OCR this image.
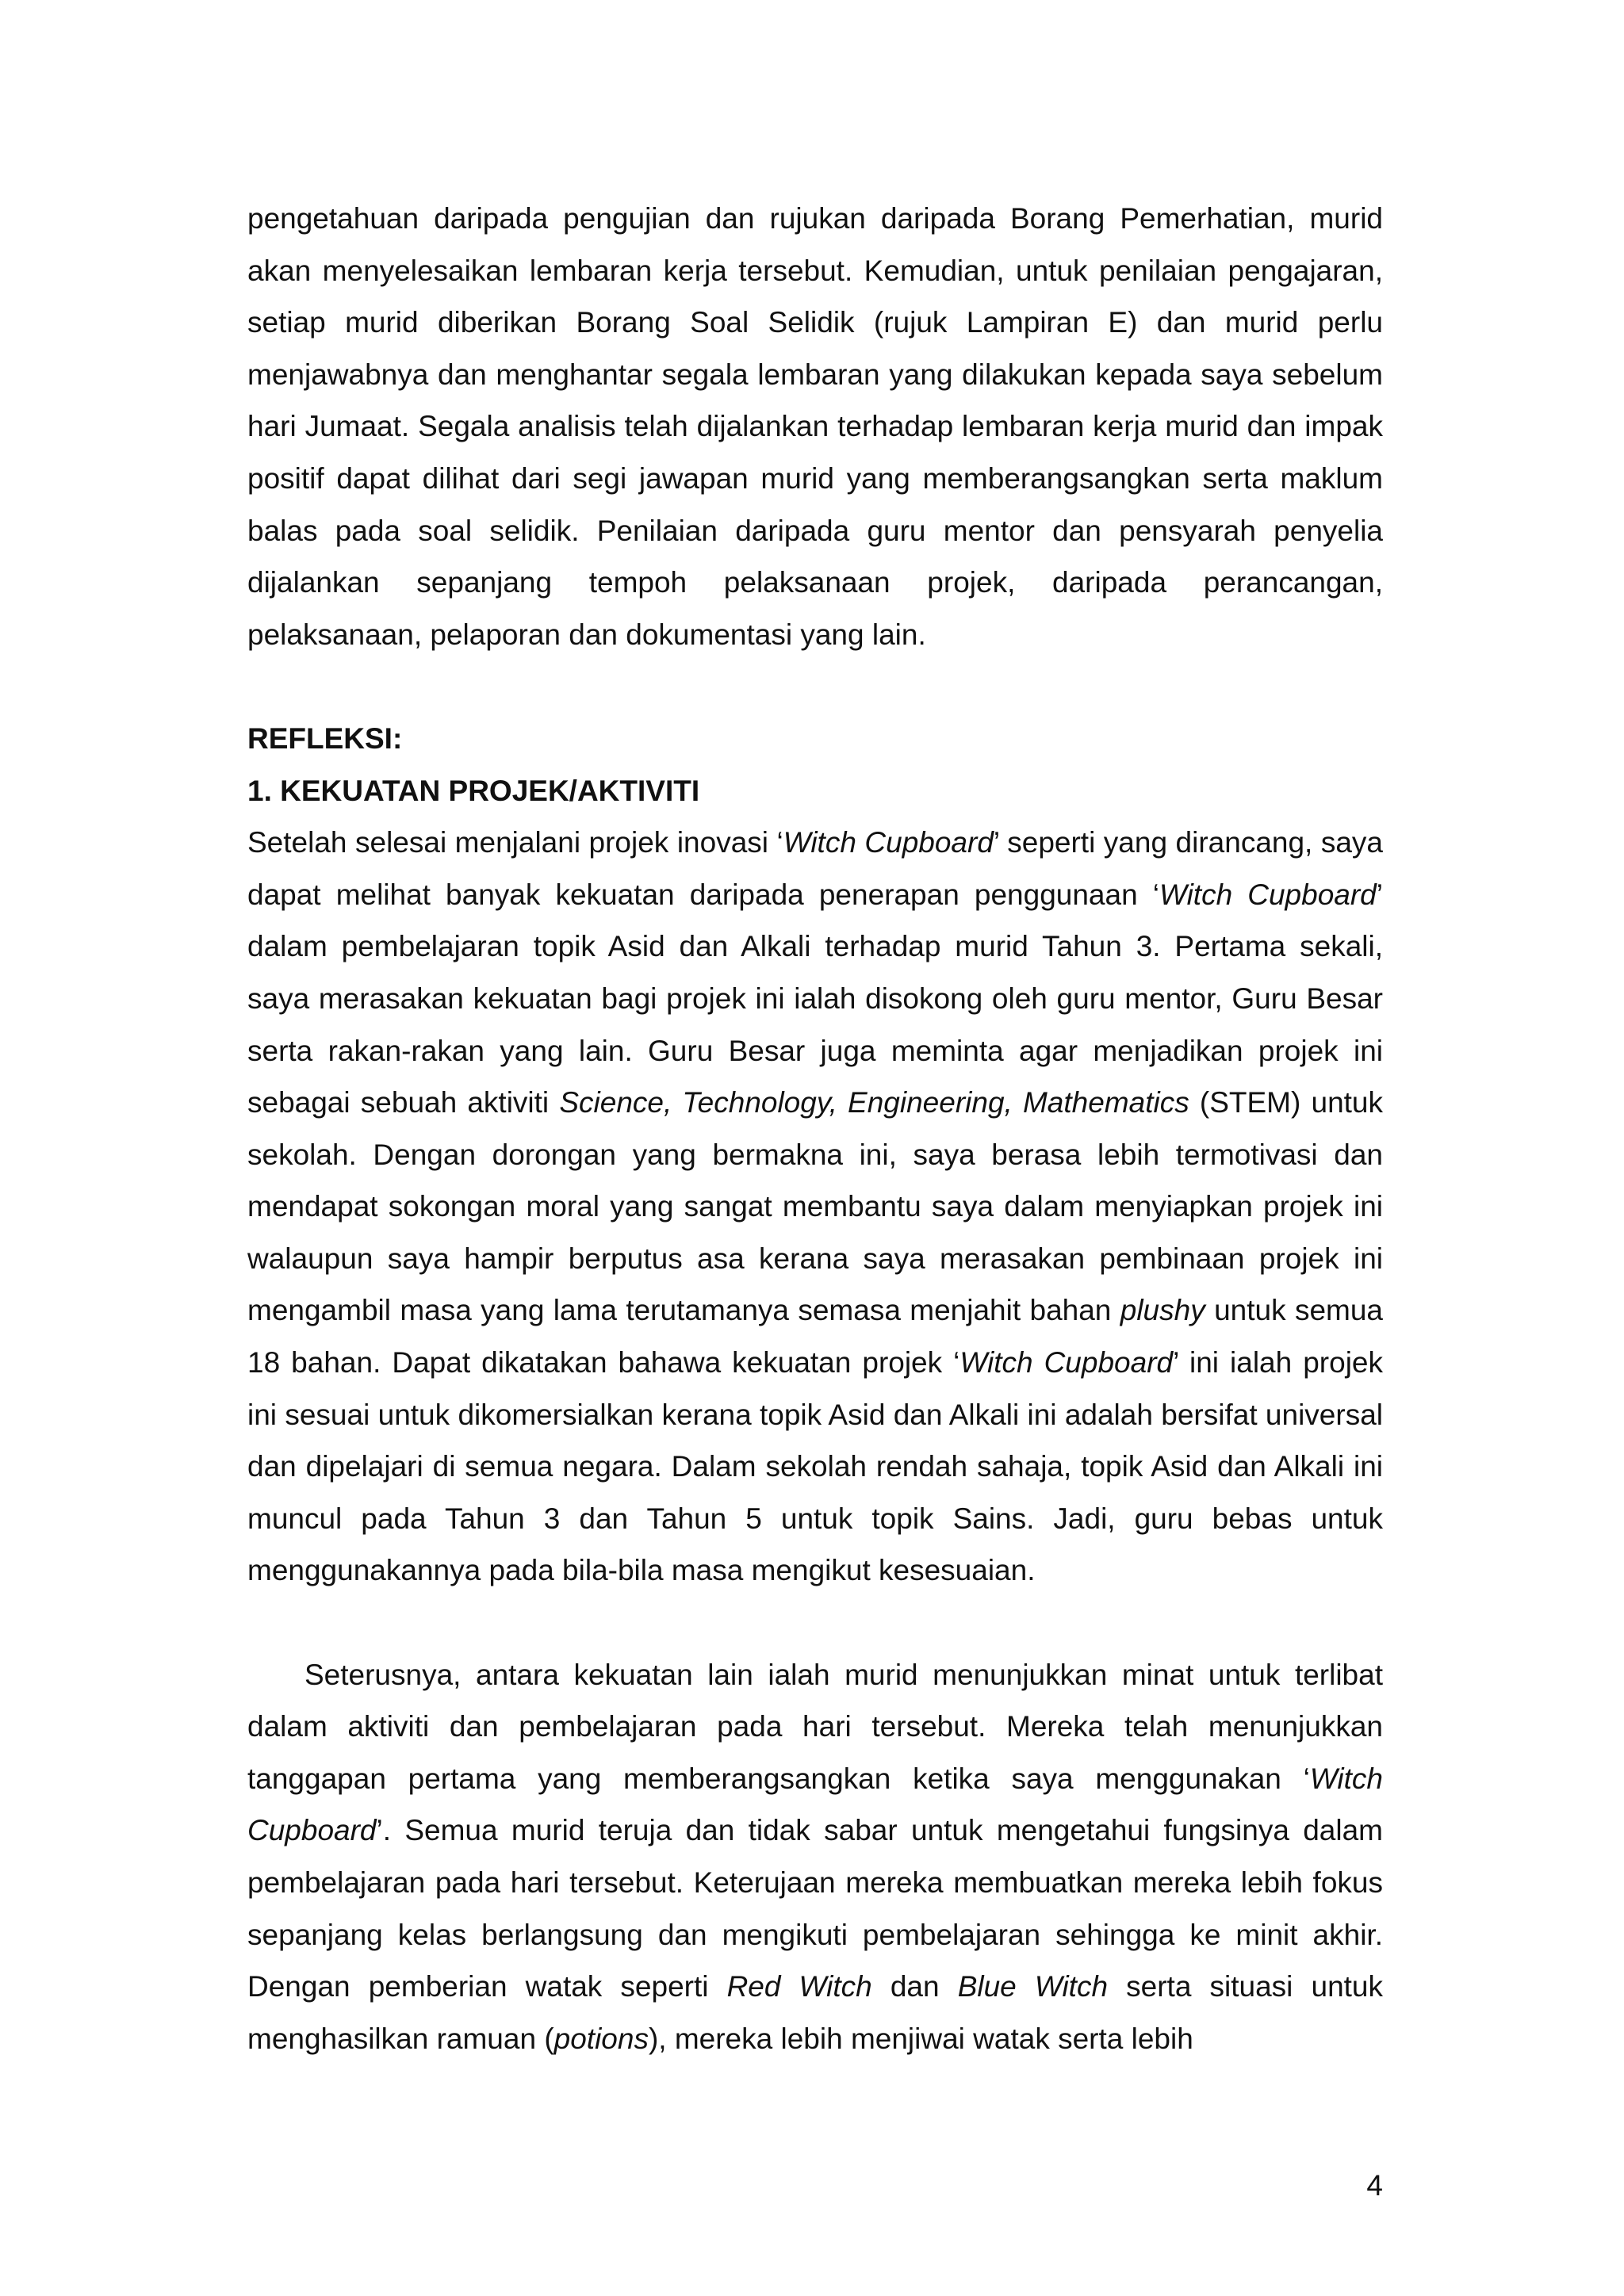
pengetahuan daripada pengujian dan rujukan daripada Borang Pemerhatian, murid akan menyelesaikan lembaran kerja tersebut. Kemudian, untuk penilaian pengajaran, setiap murid diberikan Borang Soal Selidik (rujuk Lampiran E) dan murid perlu menjawabnya dan menghantar segala lembaran yang dilakukan kepada saya sebelum hari Jumaat. Segala analisis telah dijalankan terhadap lembaran kerja murid dan impak positif dapat dilihat dari segi jawapan murid yang memberangsangkan serta maklum balas pada soal selidik. Penilaian daripada guru mentor dan pensyarah penyelia dijalankan sepanjang tempoh pelaksanaan projek, daripada perancangan, pelaksanaan, pelaporan dan dokumentasi yang lain.

REFLEKSI:

1. KEKUATAN PROJEK/AKTIVITI

Setelah selesai menjalani projek inovasi ‘Witch Cupboard’ seperti yang dirancang, saya dapat melihat banyak kekuatan daripada penerapan penggunaan ‘Witch Cupboard’ dalam pembelajaran topik Asid dan Alkali terhadap murid Tahun 3. Pertama sekali, saya merasakan kekuatan bagi projek ini ialah disokong oleh guru mentor, Guru Besar serta rakan-rakan yang lain. Guru Besar juga meminta agar menjadikan projek ini sebagai sebuah aktiviti Science, Technology, Engineering, Mathematics (STEM) untuk sekolah. Dengan dorongan yang bermakna ini, saya berasa lebih termotivasi dan mendapat sokongan moral yang sangat membantu saya dalam menyiapkan projek ini walaupun saya hampir berputus asa kerana saya merasakan pembinaan projek ini mengambil masa yang lama terutamanya semasa menjahit bahan plushy untuk semua 18 bahan. Dapat dikatakan bahawa kekuatan projek ‘Witch Cupboard’ ini ialah projek ini sesuai untuk dikomersialkan kerana topik Asid dan Alkali ini adalah bersifat universal dan dipelajari di semua negara. Dalam sekolah rendah sahaja, topik Asid dan Alkali ini muncul pada Tahun 3 dan Tahun 5 untuk topik Sains. Jadi, guru bebas untuk menggunakannya pada bila-bila masa mengikut kesesuaian.

Seterusnya, antara kekuatan lain ialah murid menunjukkan minat untuk terlibat dalam aktiviti dan pembelajaran pada hari tersebut. Mereka telah menunjukkan tanggapan pertama yang memberangsangkan ketika saya menggunakan ‘Witch Cupboard’. Semua murid teruja dan tidak sabar untuk mengetahui fungsinya dalam pembelajaran pada hari tersebut. Keterujaan mereka membuatkan mereka lebih fokus sepanjang kelas berlangsung dan mengikuti pembelajaran sehingga ke minit akhir. Dengan pemberian watak seperti Red Witch dan Blue Witch serta situasi untuk menghasilkan ramuan (potions), mereka lebih menjiwai watak serta lebih

4
